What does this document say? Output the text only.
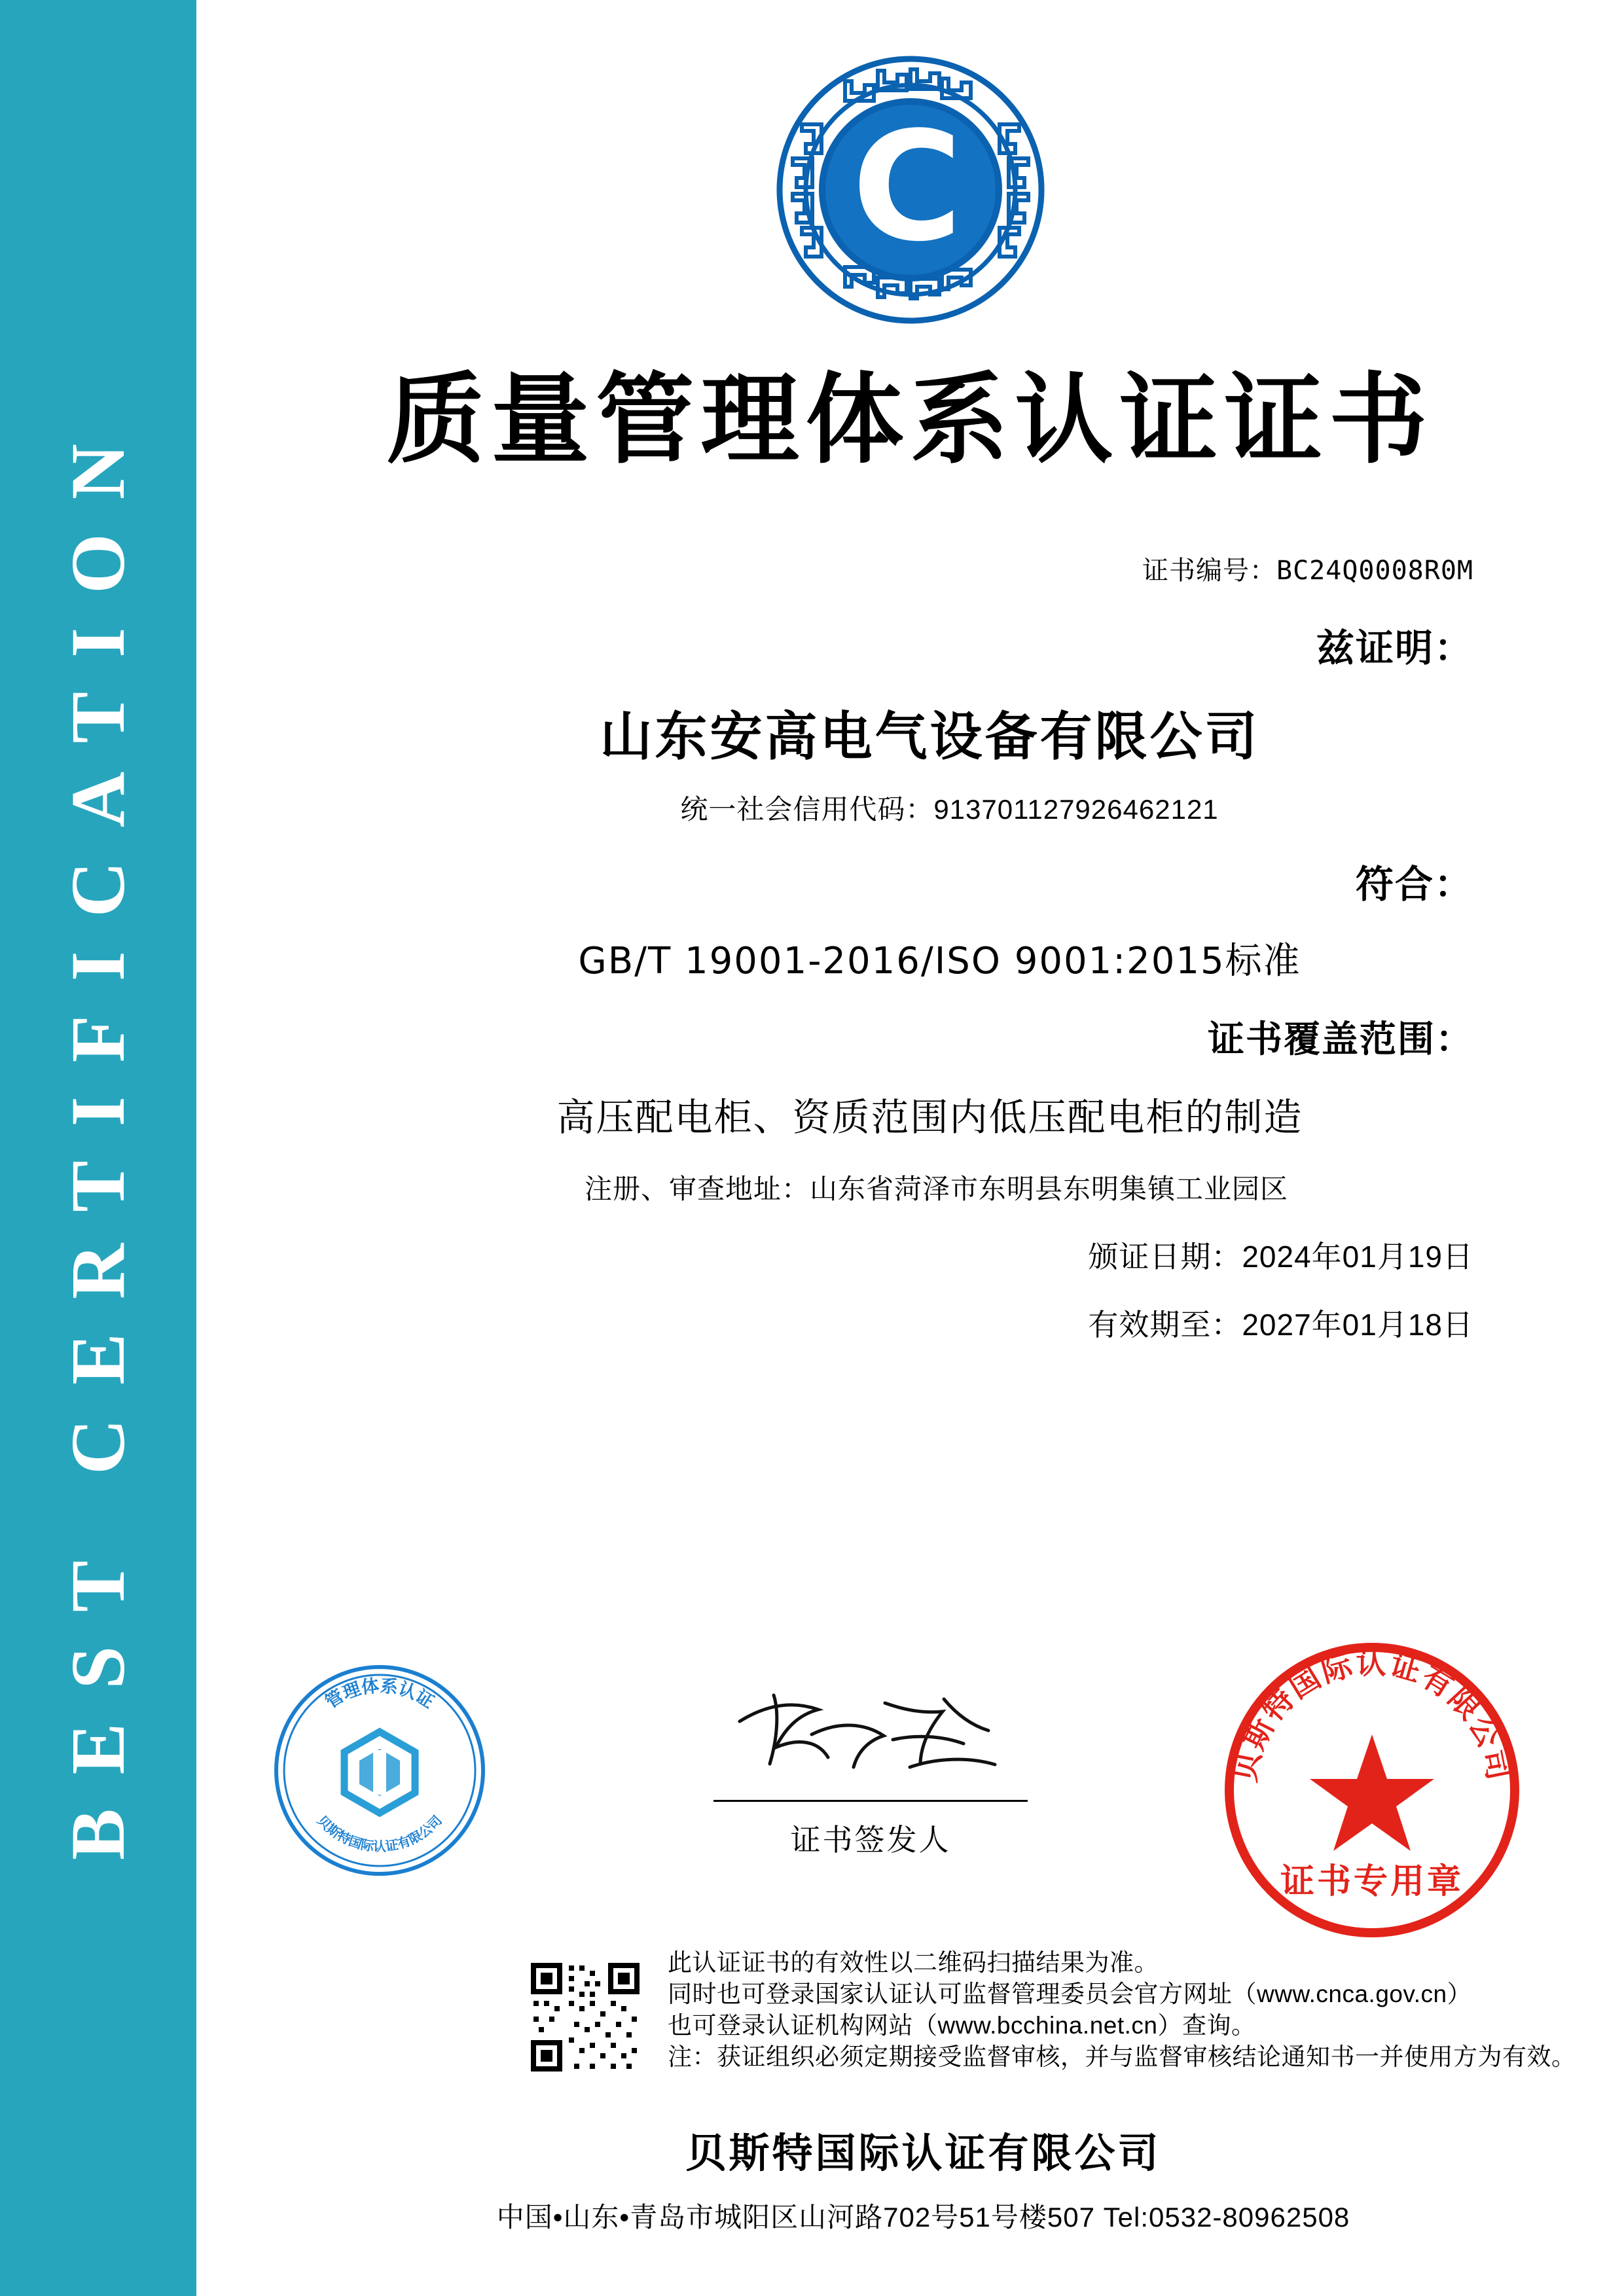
BEST CERTIFICATION
C
质量管理体系认证证书
证书编号：BC24Q0008R0M
兹证明：
山东安高电气设备有限公司
统一社会信用代码：913701127926462121
符合：
GB/T 19001-2016/ISO 9001:2015标准
证书覆盖范围：
高压配电柜、资质范围内低压配电柜的制造
注册、审查地址：山东省菏泽市东明县东明集镇工业园区
颁证日期：2024年01月19日
有效期至：2027年01月18日
管理体系认证
贝斯特国际认证有限公司
证书签发人
贝斯特国际认证有限公司
证书专用章
此认证证书的有效性以二维码扫描结果为准。
同时也可登录国家认证认可监督管理委员会官方网址（www.cnca.gov.cn）
也可登录认证机构网站（www.bcchina.net.cn）查询。
注：获证组织必须定期接受监督审核，并与监督审核结论通知书一并使用方为有效。
贝斯特国际认证有限公司
中国•山东•青岛市城阳区山河路702号51号楼507 Tel:0532-80962508
